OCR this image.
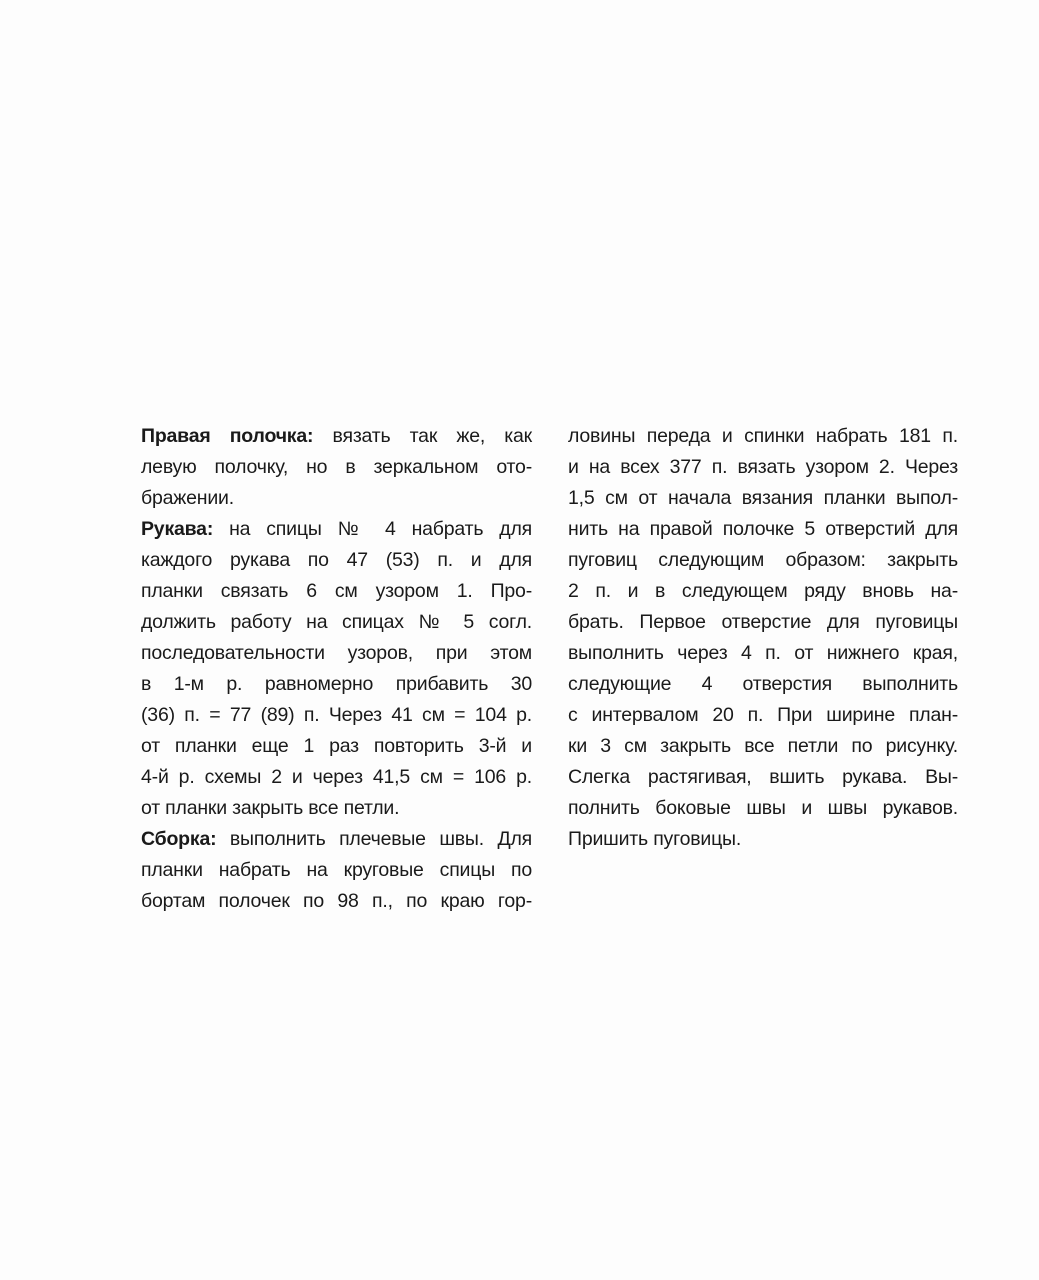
Правая полочка: вязать так же, как
левую полочку, но в зеркальном ото-
бражении.
Рукава: на спицы № 4 набрать для
каждого рукава по 47 (53) п. и для
планки связать 6 см узором 1. Про-
должить работу на спицах № 5 согл.
последовательности узоров, при этом
в 1-м р. равномерно прибавить 30
(36) п. = 77 (89) п. Через 41 см = 104 р.
от планки еще 1 раз повторить 3-й и
4-й р. схемы 2 и через 41,5 см = 106 р.
от планки закрыть все петли.
Сборка: выполнить плечевые швы. Для
планки набрать на круговые спицы по
бортам полочек по 98 п., по краю гор-
ловины переда и спинки набрать 181 п.
и на всех 377 п. вязать узором 2. Через
1,5 см от начала вязания планки выпол-
нить на правой полочке 5 отверстий для
пуговиц следующим образом: закрыть
2 п. и в следующем ряду вновь на-
брать. Первое отверстие для пуговицы
выполнить через 4 п. от нижнего края,
следующие 4 отверстия выполнить
с интервалом 20 п. При ширине план-
ки 3 см закрыть все петли по рисунку.
Слегка растягивая, вшить рукава. Вы-
полнить боковые швы и швы рукавов.
Пришить пуговицы.
